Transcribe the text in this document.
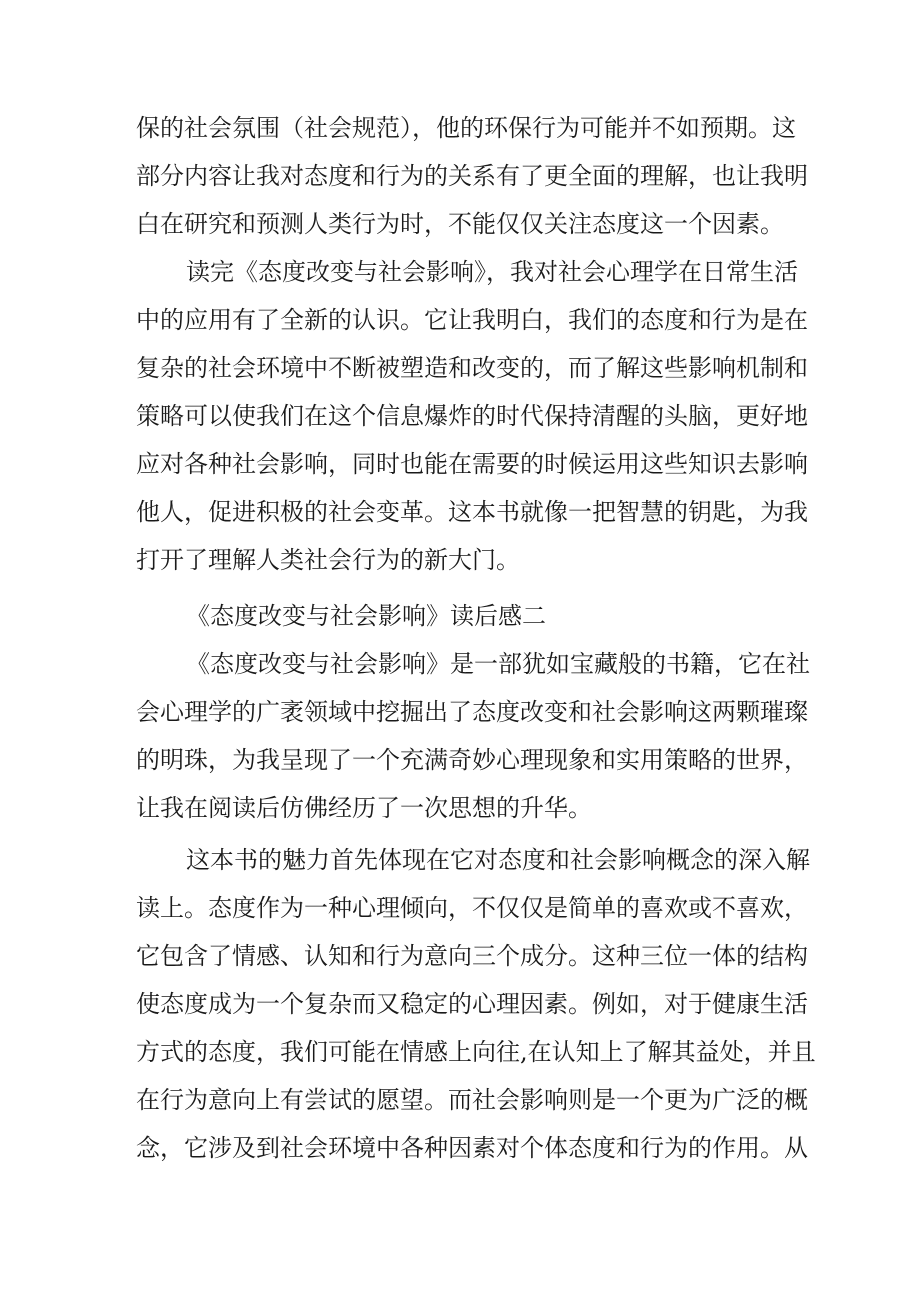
保的社会氛围（社会规范），他的环保行为可能并不如预期。这
部分内容让我对态度和行为的关系有了更全面的理解，也让我明
白在研究和预测人类行为时，不能仅仅关注态度这一个因素。
读完《态度改变与社会影响》，我对社会心理学在日常生活
中的应用有了全新的认识。它让我明白，我们的态度和行为是在
复杂的社会环境中不断被塑造和改变的，而了解这些影响机制和
策略可以使我们在这个信息爆炸的时代保持清醒的头脑，更好地
应对各种社会影响，同时也能在需要的时候运用这些知识去影响
他人，促进积极的社会变革。这本书就像一把智慧的钥匙，为我
打开了理解人类社会行为的新大门。
《态度改变与社会影响》读后感二
《态度改变与社会影响》是一部犹如宝藏般的书籍，它在社
会心理学的广袤领域中挖掘出了态度改变和社会影响这两颗璀璨
的明珠，为我呈现了一个充满奇妙心理现象和实用策略的世界，
让我在阅读后仿佛经历了一次思想的升华。
这本书的魅力首先体现在它对态度和社会影响概念的深入解
读上。态度作为一种心理倾向，不仅仅是简单的喜欢或不喜欢，
它包含了情感、认知和行为意向三个成分。这种三位一体的结构
使态度成为一个复杂而又稳定的心理因素。例如，对于健康生活
方式的态度，我们可能在情感上向往,在认知上了解其益处，并且
在行为意向上有尝试的愿望。而社会影响则是一个更为广泛的概
念，它涉及到社会环境中各种因素对个体态度和行为的作用。从
